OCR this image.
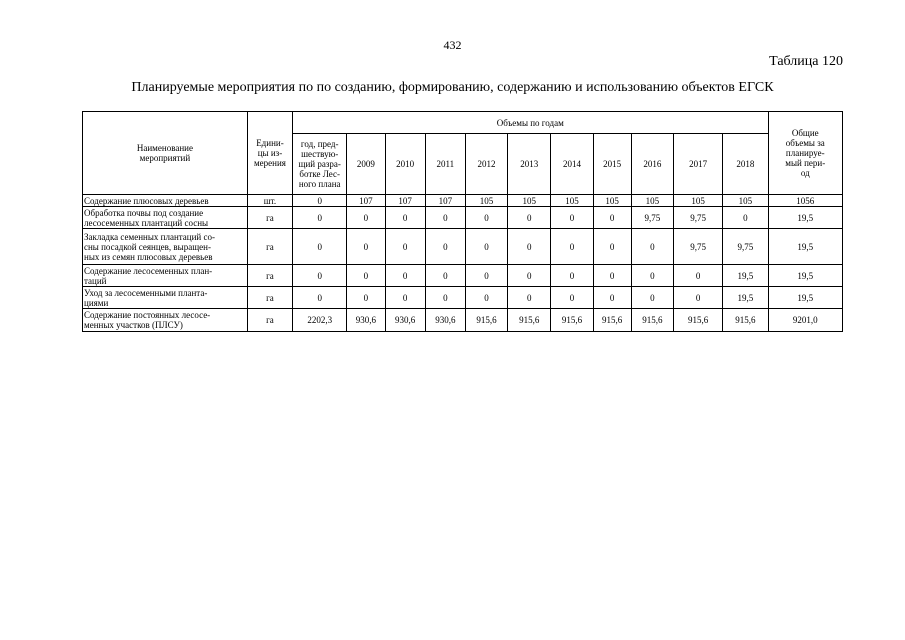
432
Таблица 120
Планируемые мероприятия по по созданию, формированию, содержанию и использованию объектов ЕГСК
Наименование
мероприятий	Едини-
цы из-
мерения	Объемы по годам											Общие
объемы за
планируе-
мый пери-
од
		год, пред-
шествую-
щий разра-
ботке Лес-
ного плана	2009	2010	2011	2012	2013	2014	2015	2016	2017	2018	
Содержание плюсовых деревьев	шт.	0	107	107	107	105	105	105	105	105	105	105	1056
Обработка почвы под создание
лесосеменных плантаций сосны	га	0	0	0	0	0	0	0	0	9,75	9,75	0	19,5
Закладка семенных плантаций со-
сны посадкой сеянцев, выращен-
ных из семян плюсовых деревьев	га	0	0	0	0	0	0	0	0	0	9,75	9,75	19,5
Содержание лесосеменных план-
таций	га	0	0	0	0	0	0	0	0	0	0	19,5	19,5
Уход за лесосеменными планта-
циями	га	0	0	0	0	0	0	0	0	0	0	19,5	19,5
Содержание постоянных лесосе-
менных участков (ПЛСУ)	га	2202,3	930,6	930,6	930,6	915,6	915,6	915,6	915,6	915,6	915,6	915,6	9201,0
